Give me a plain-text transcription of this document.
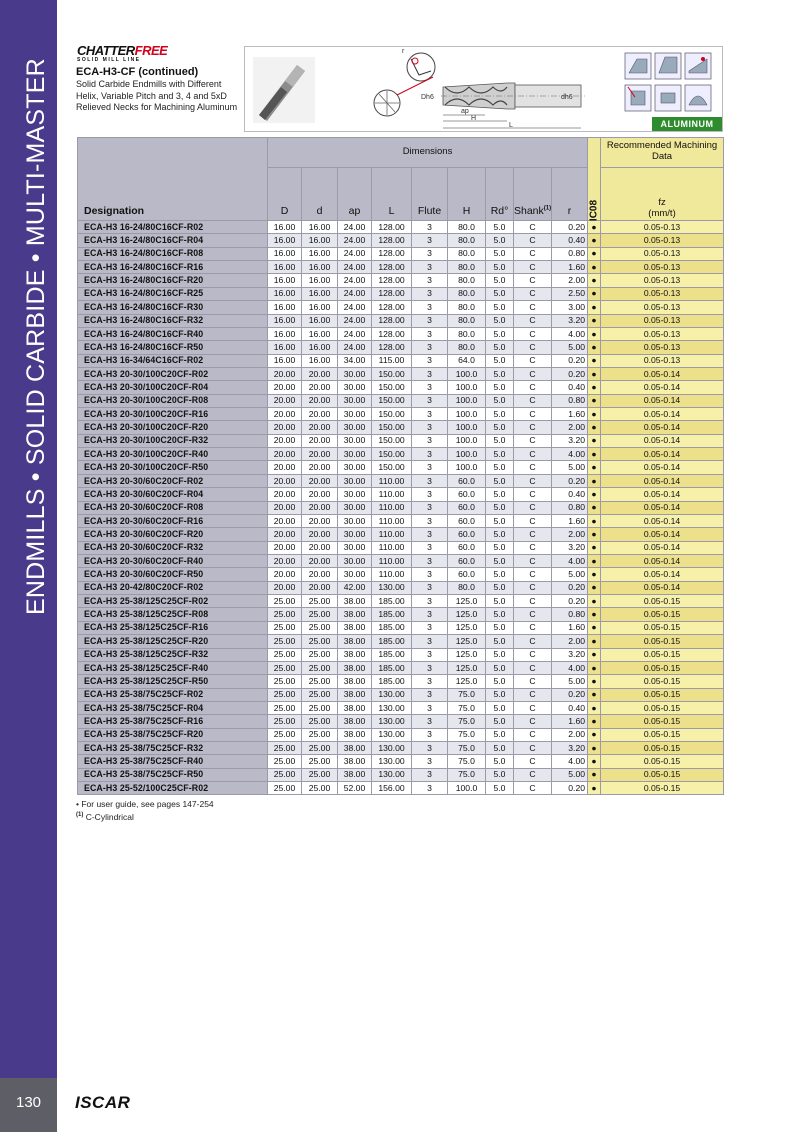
ENDMILLS • SOLID CARBIDE • MULTI-MASTER
130	ISCAR
CHATTERFREE
SOLID MILL LINE
ECA-H3-CF (continued)
Solid Carbide Endmills with Different Helix, Variable Pitch and 3, 4 and 5xD Relieved Necks for Machining Aluminum
r
Dh6	dh6
ap
H
L	ALUMINUM
Designation	Dimensions									IC08	Recommended Machining Data
	D	d	ap	L	Flute	H	Rd°	Shank$^{(1)}$	r		fz
(mm/t)
ECA-H3 16-24/80C16CF-R02	16.00	16.00	24.00	128.00	3	80.0	5.0	C	0.20	●	0.05-0.13
ECA-H3 16-24/80C16CF-R04	16.00	16.00	24.00	128.00	3	80.0	5.0	C	0.40	●	0.05-0.13
ECA-H3 16-24/80C16CF-R08	16.00	16.00	24.00	128.00	3	80.0	5.0	C	0.80	●	0.05-0.13
ECA-H3 16-24/80C16CF-R16	16.00	16.00	24.00	128.00	3	80.0	5.0	C	1.60	●	0.05-0.13
ECA-H3 16-24/80C16CF-R20	16.00	16.00	24.00	128.00	3	80.0	5.0	C	2.00	●	0.05-0.13
ECA-H3 16-24/80C16CF-R25	16.00	16.00	24.00	128.00	3	80.0	5.0	C	2.50	●	0.05-0.13
ECA-H3 16-24/80C16CF-R30	16.00	16.00	24.00	128.00	3	80.0	5.0	C	3.00	●	0.05-0.13
ECA-H3 16-24/80C16CF-R32	16.00	16.00	24.00	128.00	3	80.0	5.0	C	3.20	●	0.05-0.13
ECA-H3 16-24/80C16CF-R40	16.00	16.00	24.00	128.00	3	80.0	5.0	C	4.00	●	0.05-0.13
ECA-H3 16-24/80C16CF-R50	16.00	16.00	24.00	128.00	3	80.0	5.0	C	5.00	●	0.05-0.13
ECA-H3 16-34/64C16CF-R02	16.00	16.00	34.00	115.00	3	64.0	5.0	C	0.20	●	0.05-0.13
ECA-H3 20-30/100C20CF-R02	20.00	20.00	30.00	150.00	3	100.0	5.0	C	0.20	●	0.05-0.14
ECA-H3 20-30/100C20CF-R04	20.00	20.00	30.00	150.00	3	100.0	5.0	C	0.40	●	0.05-0.14
ECA-H3 20-30/100C20CF-R08	20.00	20.00	30.00	150.00	3	100.0	5.0	C	0.80	●	0.05-0.14
ECA-H3 20-30/100C20CF-R16	20.00	20.00	30.00	150.00	3	100.0	5.0	C	1.60	●	0.05-0.14
ECA-H3 20-30/100C20CF-R20	20.00	20.00	30.00	150.00	3	100.0	5.0	C	2.00	●	0.05-0.14
ECA-H3 20-30/100C20CF-R32	20.00	20.00	30.00	150.00	3	100.0	5.0	C	3.20	●	0.05-0.14
ECA-H3 20-30/100C20CF-R40	20.00	20.00	30.00	150.00	3	100.0	5.0	C	4.00	●	0.05-0.14
ECA-H3 20-30/100C20CF-R50	20.00	20.00	30.00	150.00	3	100.0	5.0	C	5.00	●	0.05-0.14
ECA-H3 20-30/60C20CF-R02	20.00	20.00	30.00	110.00	3	60.0	5.0	C	0.20	●	0.05-0.14
ECA-H3 20-30/60C20CF-R04	20.00	20.00	30.00	110.00	3	60.0	5.0	C	0.40	●	0.05-0.14
ECA-H3 20-30/60C20CF-R08	20.00	20.00	30.00	110.00	3	60.0	5.0	C	0.80	●	0.05-0.14
ECA-H3 20-30/60C20CF-R16	20.00	20.00	30.00	110.00	3	60.0	5.0	C	1.60	●	0.05-0.14
ECA-H3 20-30/60C20CF-R20	20.00	20.00	30.00	110.00	3	60.0	5.0	C	2.00	●	0.05-0.14
ECA-H3 20-30/60C20CF-R32	20.00	20.00	30.00	110.00	3	60.0	5.0	C	3.20	●	0.05-0.14
ECA-H3 20-30/60C20CF-R40	20.00	20.00	30.00	110.00	3	60.0	5.0	C	4.00	●	0.05-0.14
ECA-H3 20-30/60C20CF-R50	20.00	20.00	30.00	110.00	3	60.0	5.0	C	5.00	●	0.05-0.14
ECA-H3 20-42/80C20CF-R02	20.00	20.00	42.00	130.00	3	80.0	5.0	C	0.20	●	0.05-0.14
ECA-H3 25-38/125C25CF-R02	25.00	25.00	38.00	185.00	3	125.0	5.0	C	0.20	●	0.05-0.15
ECA-H3 25-38/125C25CF-R08	25.00	25.00	38.00	185.00	3	125.0	5.0	C	0.80	●	0.05-0.15
ECA-H3 25-38/125C25CF-R16	25.00	25.00	38.00	185.00	3	125.0	5.0	C	1.60	●	0.05-0.15
ECA-H3 25-38/125C25CF-R20	25.00	25.00	38.00	185.00	3	125.0	5.0	C	2.00	●	0.05-0.15
ECA-H3 25-38/125C25CF-R32	25.00	25.00	38.00	185.00	3	125.0	5.0	C	3.20	●	0.05-0.15
ECA-H3 25-38/125C25CF-R40	25.00	25.00	38.00	185.00	3	125.0	5.0	C	4.00	●	0.05-0.15
ECA-H3 25-38/125C25CF-R50	25.00	25.00	38.00	185.00	3	125.0	5.0	C	5.00	●	0.05-0.15
ECA-H3 25-38/75C25CF-R02	25.00	25.00	38.00	130.00	3	75.0	5.0	C	0.20	●	0.05-0.15
ECA-H3 25-38/75C25CF-R04	25.00	25.00	38.00	130.00	3	75.0	5.0	C	0.40	●	0.05-0.15
ECA-H3 25-38/75C25CF-R16	25.00	25.00	38.00	130.00	3	75.0	5.0	C	1.60	●	0.05-0.15
ECA-H3 25-38/75C25CF-R20	25.00	25.00	38.00	130.00	3	75.0	5.0	C	2.00	●	0.05-0.15
ECA-H3 25-38/75C25CF-R32	25.00	25.00	38.00	130.00	3	75.0	5.0	C	3.20	●	0.05-0.15
ECA-H3 25-38/75C25CF-R40	25.00	25.00	38.00	130.00	3	75.0	5.0	C	4.00	●	0.05-0.15
ECA-H3 25-38/75C25CF-R50	25.00	25.00	38.00	130.00	3	75.0	5.0	C	5.00	●	0.05-0.15
ECA-H3 25-52/100C25CF-R02	25.00	25.00	52.00	156.00	3	100.0	5.0	C	0.20	●	0.05-0.15
• For user guide, see pages 147-254
$^{(1)}$ C-Cylindrical
